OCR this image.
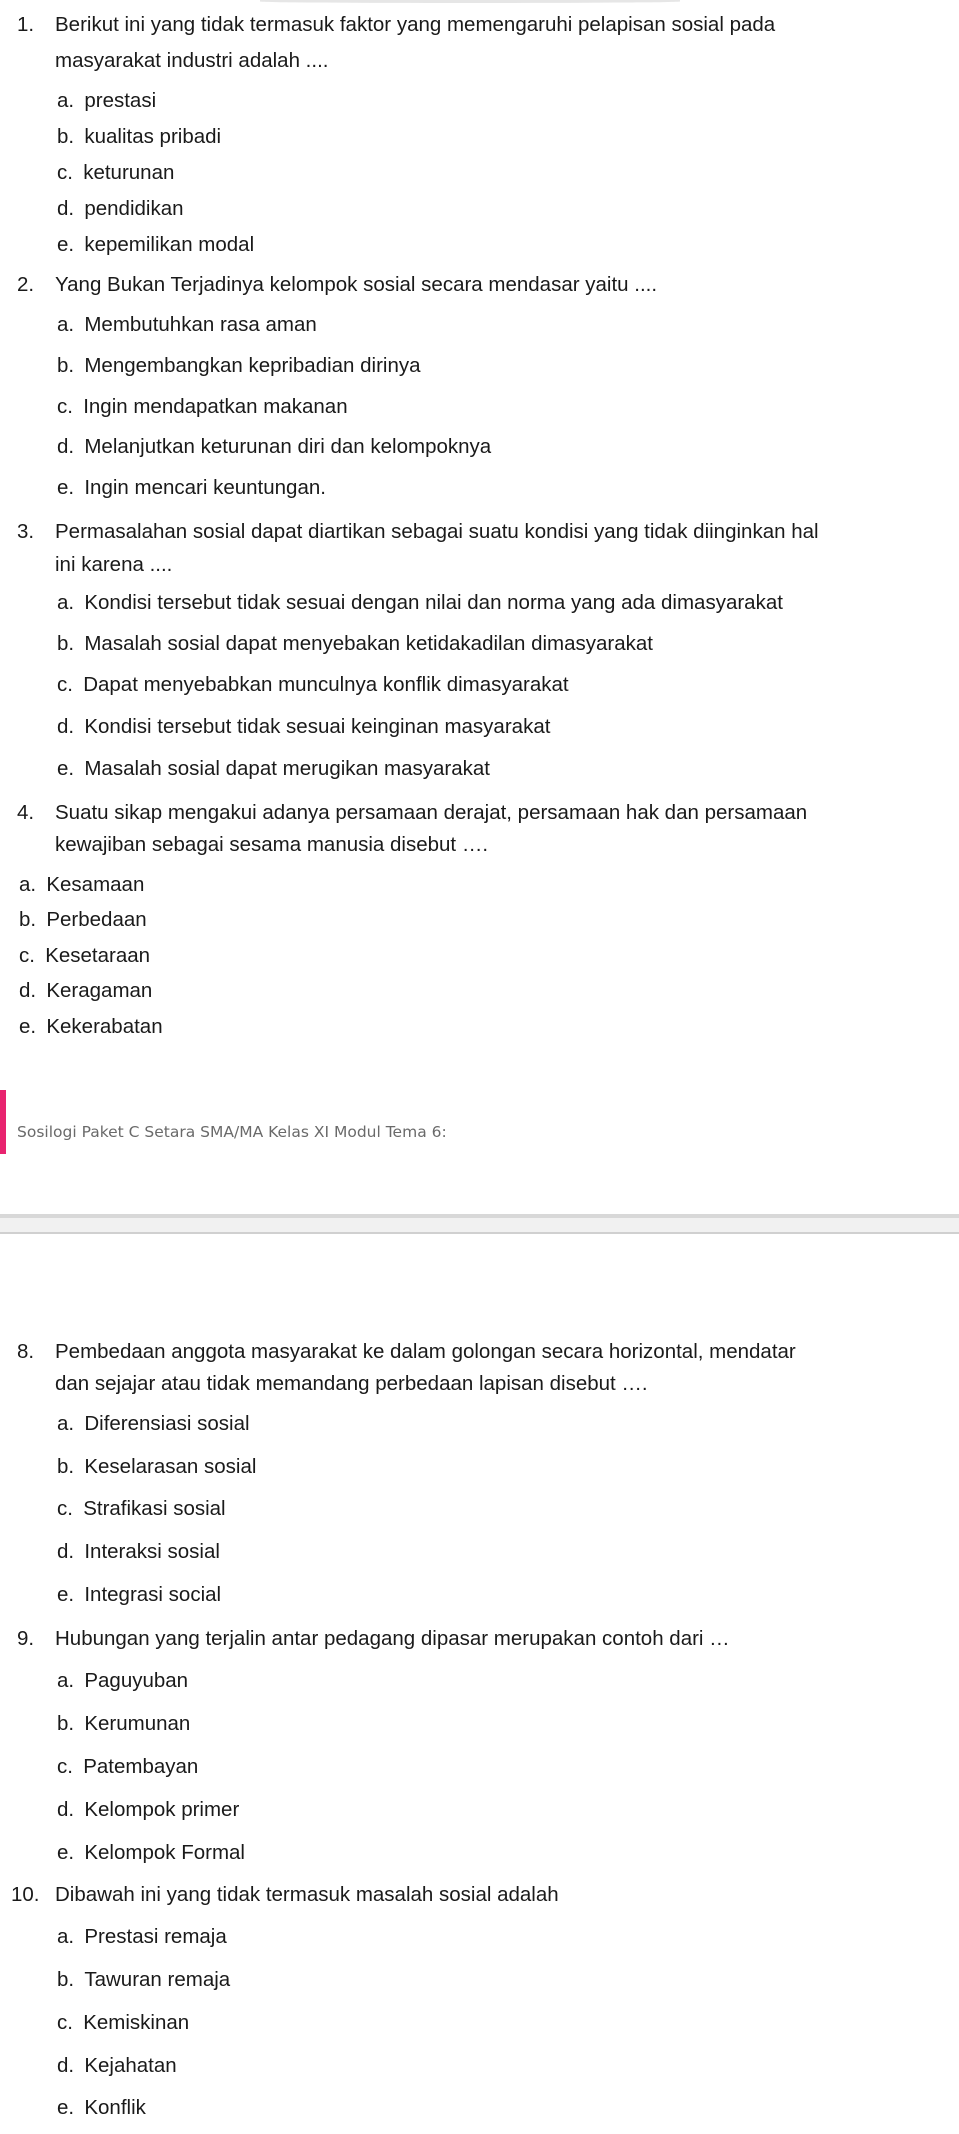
1. Berikut ini yang tidak termasuk faktor yang memengaruhi pelapisan sosial pada
masyarakat industri adalah ....
a. prestasi
b. kualitas pribadi
c. keturunan
d. pendidikan
e. kepemilikan modal
2. Yang Bukan Terjadinya kelompok sosial secara mendasar yaitu ....
a. Membutuhkan rasa aman
b. Mengembangkan kepribadian dirinya
c. Ingin mendapatkan makanan
d. Melanjutkan keturunan diri dan kelompoknya
e. Ingin mencari keuntungan.
3. Permasalahan sosial dapat diartikan sebagai suatu kondisi yang tidak diinginkan hal
ini karena ....
a. Kondisi tersebut tidak sesuai dengan nilai dan norma yang ada dimasyarakat
b. Masalah sosial dapat menyebakan ketidakadilan dimasyarakat
c. Dapat menyebabkan munculnya konflik dimasyarakat
d. Kondisi tersebut tidak sesuai keinginan masyarakat
e. Masalah sosial dapat merugikan masyarakat
4. Suatu sikap mengakui adanya persamaan derajat, persamaan hak dan persamaan
kewajiban sebagai sesama manusia disebut ….
a. Kesamaan
b. Perbedaan
c. Kesetaraan
d. Keragaman
e. Kekerabatan
Sosilogi Paket C Setara SMA/MA Kelas XI Modul Tema 6:
8. Pembedaan anggota masyarakat ke dalam golongan secara horizontal, mendatar
dan sejajar atau tidak memandang perbedaan lapisan disebut ….
a. Diferensiasi sosial
b. Keselarasan sosial
c. Strafikasi sosial
d. Interaksi sosial
e. Integrasi social
9. Hubungan yang terjalin antar pedagang dipasar merupakan contoh dari …
a. Paguyuban
b. Kerumunan
c. Patembayan
d. Kelompok primer
e. Kelompok Formal
10. Dibawah ini yang tidak termasuk masalah sosial adalah
a. Prestasi remaja
b. Tawuran remaja
c. Kemiskinan
d. Kejahatan
e. Konflik
